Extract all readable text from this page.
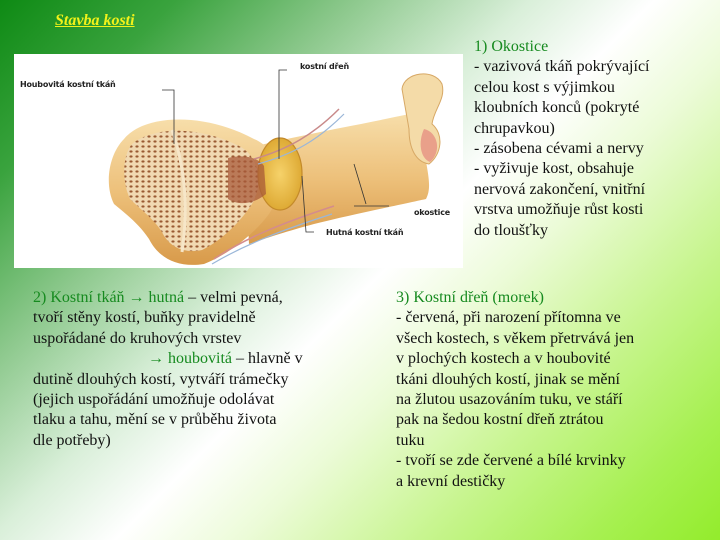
Stavba kosti
Houbovitá kostní tkáň
kostní dřeň
okostice
Hutná kostní tkáň
1) Okostice
- vazivová tkáň pokrývající
celou kost s výjimkou
kloubních konců (pokryté
chrupavkou)
- zásobena cévami a nervy
- vyživuje kost, obsahuje
nervová zakončení, vnitřní
vrstva umožňuje růst kosti
do tloušťky
2) Kostní tkáň → hutná – velmi pevná,
tvoří stěny kostí, buňky pravidelně
uspořádané do kruhových vrstev
→ houbovitá – hlavně v
dutině dlouhých kostí, vytváří trámečky
(jejich uspořádání umožňuje odolávat
tlaku a tahu, mění se v průběhu života
dle potřeby)
3) Kostní dřeň (morek)
- červená, při narození přítomna ve
všech kostech, s věkem přetrvává jen
v plochých kostech a v houbovité
tkáni dlouhých kostí, jinak se mění
na žlutou usazováním tuku, ve stáří
pak na šedou kostní dřeň ztrátou
tuku
- tvoří se zde červené a bílé krvinky
a krevní destičky
